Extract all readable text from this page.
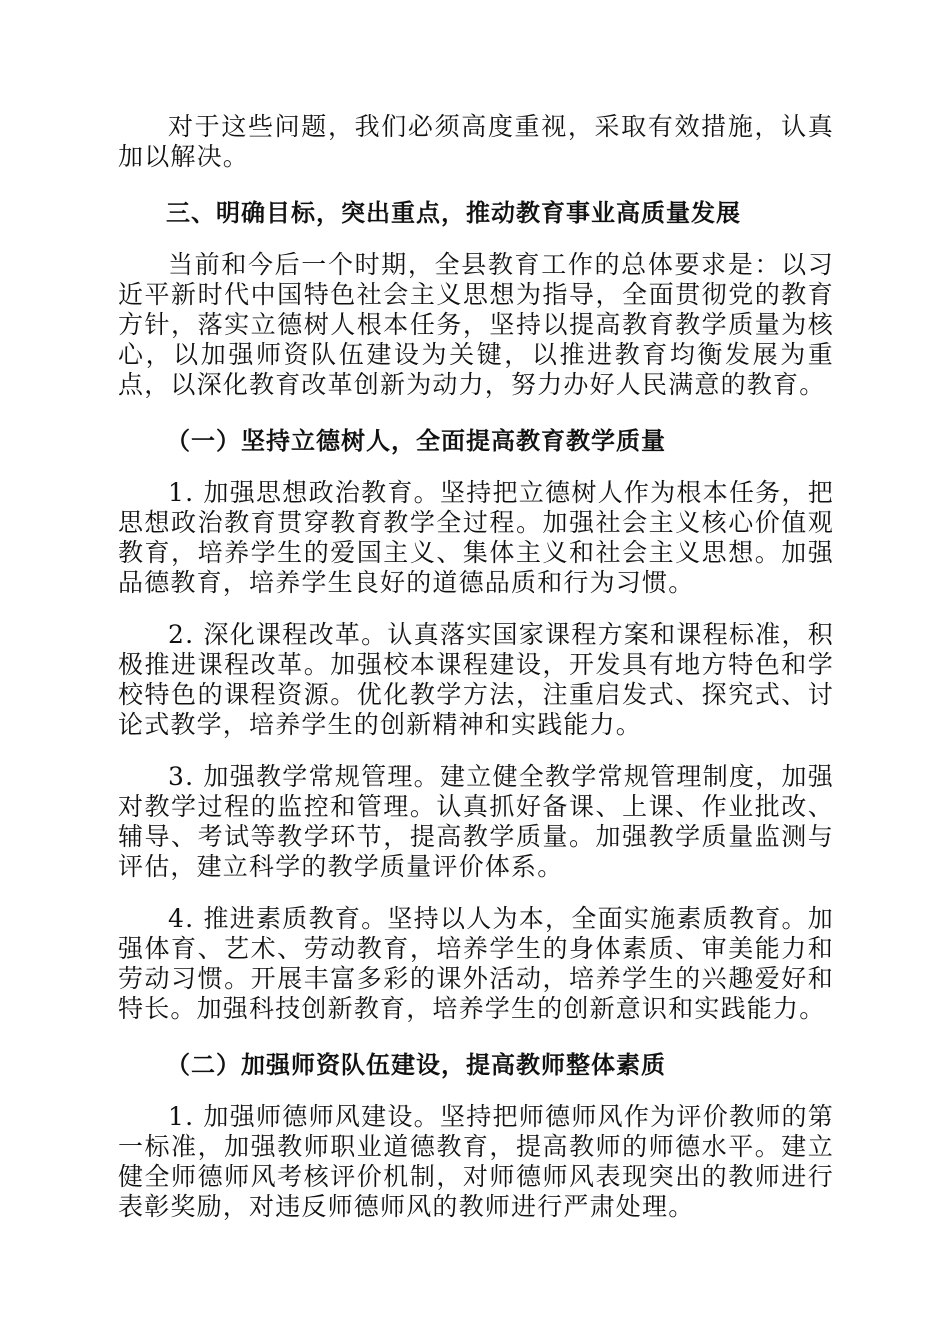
对于这些问题，我们必须高度重视，采取有效措施，认真加以解决。

三、明确目标，突出重点，推动教育事业高质量发展

当前和今后一个时期，全县教育工作的总体要求是：以习近平新时代中国特色社会主义思想为指导，全面贯彻党的教育方针，落实立德树人根本任务，坚持以提高教育教学质量为核心，以加强师资队伍建设为关键，以推进教育均衡发展为重点，以深化教育改革创新为动力，努力办好人民满意的教育。

（一）坚持立德树人，全面提高教育教学质量

1. 加强思想政治教育。坚持把立德树人作为根本任务，把思想政治教育贯穿教育教学全过程。加强社会主义核心价值观教育，培养学生的爱国主义、集体主义和社会主义思想。加强品德教育，培养学生良好的道德品质和行为习惯。

2. 深化课程改革。认真落实国家课程方案和课程标准，积极推进课程改革。加强校本课程建设，开发具有地方特色和学校特色的课程资源。优化教学方法，注重启发式、探究式、讨论式教学，培养学生的创新精神和实践能力。

3. 加强教学常规管理。建立健全教学常规管理制度，加强对教学过程的监控和管理。认真抓好备课、上课、作业批改、辅导、考试等教学环节，提高教学质量。加强教学质量监测与评估，建立科学的教学质量评价体系。

4. 推进素质教育。坚持以人为本，全面实施素质教育。加强体育、艺术、劳动教育，培养学生的身体素质、审美能力和劳动习惯。开展丰富多彩的课外活动，培养学生的兴趣爱好和特长。加强科技创新教育，培养学生的创新意识和实践能力。

（二）加强师资队伍建设，提高教师整体素质

1. 加强师德师风建设。坚持把师德师风作为评价教师的第一标准，加强教师职业道德教育，提高教师的师德水平。建立健全师德师风考核评价机制，对师德师风表现突出的教师进行表彰奖励，对违反师德师风的教师进行严肃处理。
